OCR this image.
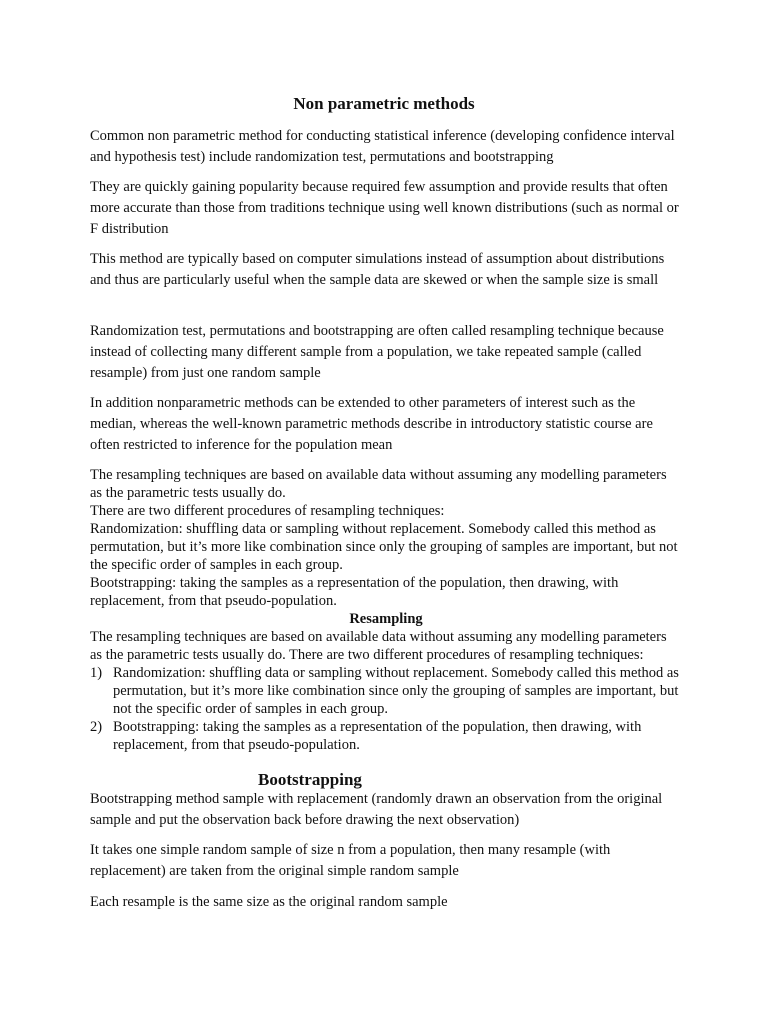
Non parametric methods

Common non parametric method for conducting statistical inference (developing confidence interval and hypothesis test) include randomization test, permutations and bootstrapping

They are quickly gaining popularity because required few assumption and provide results that often more accurate than those from traditions technique using well known distributions (such as normal or F distribution

This method are typically based on computer simulations instead of assumption about distributions and thus are particularly useful when the sample data are skewed or when the sample size is small

Randomization test, permutations and bootstrapping are often called resampling technique because instead of collecting many different sample from a population, we take repeated sample (called resample) from just one random sample

In addition nonparametric methods can be extended to other parameters of interest such as the median, whereas the well-known parametric methods describe in introductory statistic course are often restricted to inference for the population mean

The resampling techniques are based on available data without assuming any modelling parameters as the parametric tests usually do.

There are two different procedures of resampling techniques:

Randomization: shuffling data or sampling without replacement. Somebody called this method as permutation, but it’s more like combination since only the grouping of samples are important, but not the specific order of samples in each group.

Bootstrapping: taking the samples as a representation of the population, then drawing, with replacement, from that pseudo-population.

Resampling

The resampling techniques are based on available data without assuming any modelling parameters as the parametric tests usually do. There are two different procedures of resampling techniques:

1) Randomization: shuffling data or sampling without replacement. Somebody called this method as permutation, but it’s more like combination since only the grouping of samples are important, but not the specific order of samples in each group.
2) Bootstrapping: taking the samples as a representation of the population, then drawing, with replacement, from that pseudo-population.
Bootstrapping

Bootstrapping method sample with replacement (randomly drawn an observation from the original sample and put the observation back before drawing the next observation)

It takes one simple random sample of size n from a population, then many resample (with replacement) are taken from the original simple random sample

Each resample is the same size as the original random sample
